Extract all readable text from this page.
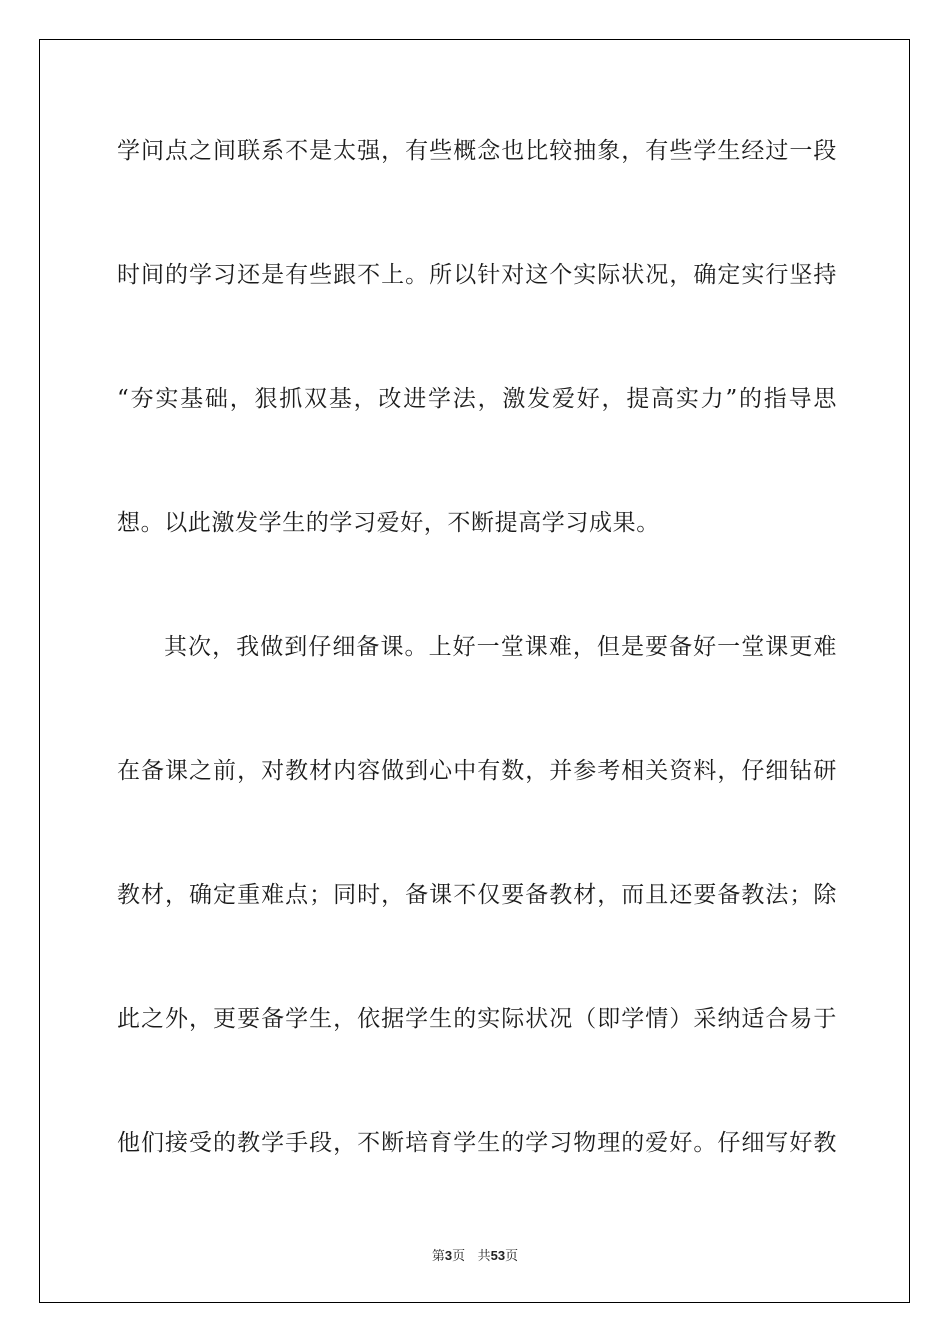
学问点之间联系不是太强，有些概念也比较抽象，有些学生经过一段
时间的学习还是有些跟不上。所以针对这个实际状况，确定实行坚持
“夯实基础，狠抓双基，改进学法，激发爱好，提高实力”的指导思
想。以此激发学生的学习爱好，不断提高学习成果。
其次，我做到仔细备课。上好一堂课难，但是要备好一堂课更难
在备课之前，对教材内容做到心中有数，并参考相关资料，仔细钻研
教材，确定重难点；同时，备课不仅要备教材，而且还要备教法；除
此之外，更要备学生，依据学生的实际状况（即学情）采纳适合易于
他们接受的教学手段，不断培育学生的学习物理的爱好。仔细写好教
第3页 共53页
